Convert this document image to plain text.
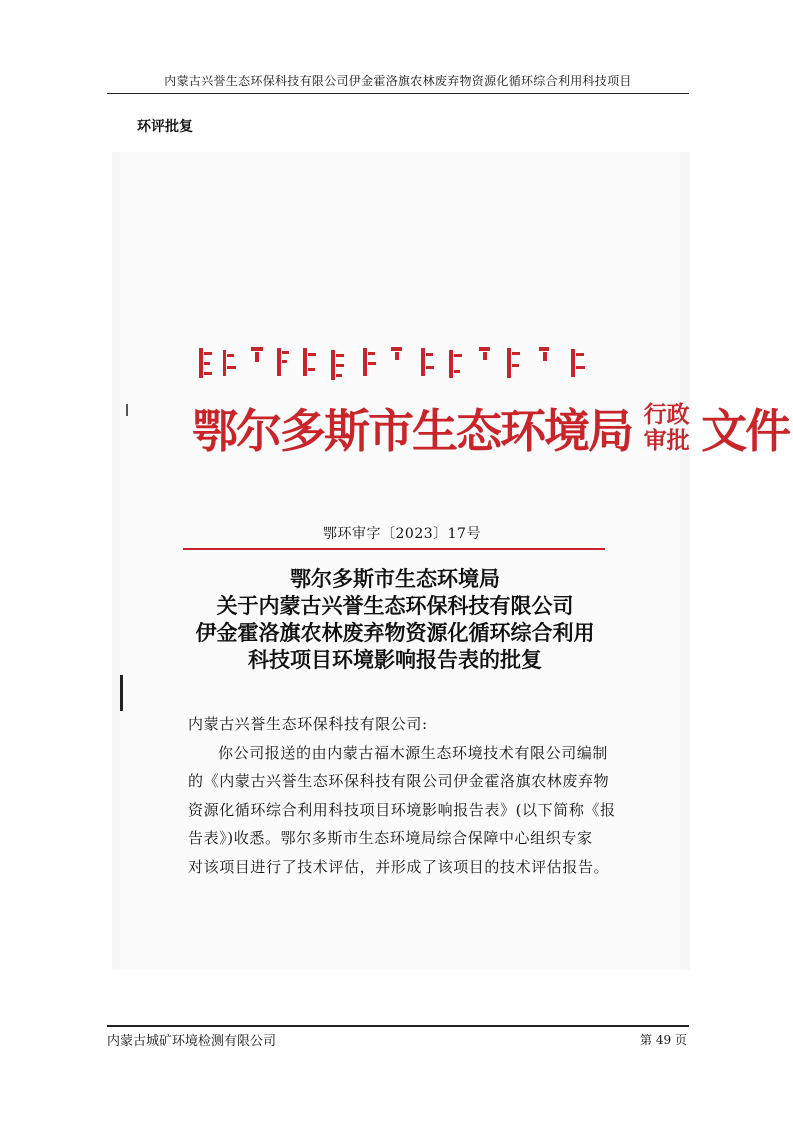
内蒙古兴誉生态环保科技有限公司伊金霍洛旗农林废弃物资源化循环综合利用科技项目
环评批复
鄂尔多斯市生态环境局 行政
审批 文件
鄂环审字〔2023〕17号
鄂尔多斯市生态环境局
关于内蒙古兴誉生态环保科技有限公司
伊金霍洛旗农林废弃物资源化循环综合利用
科技项目环境影响报告表的批复
内蒙古兴誉生态环保科技有限公司:
你公司报送的由内蒙古福木源生态环境技术有限公司编制
的《内蒙古兴誉生态环保科技有限公司伊金霍洛旗农林废弃物
资源化循环综合利用科技项目环境影响报告表》(以下简称《报
告表》)收悉。鄂尔多斯市生态环境局综合保障中心组织专家
对该项目进行了技术评估，并形成了该项目的技术评估报告。
内蒙古城矿环境检测有限公司	第 49 页
